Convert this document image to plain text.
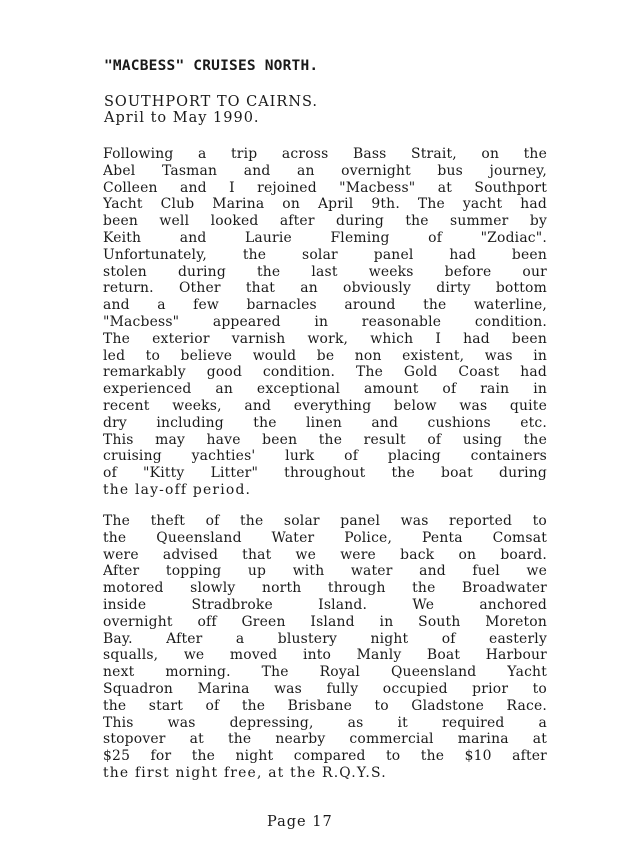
"MACBESS" CRUISES NORTH.
SOUTHPORT TO CAIRNS.
April to May 1990.
Following a trip across Bass Strait, on the
Abel Tasman and an overnight bus journey,
Colleen and I rejoined "Macbess" at Southport
Yacht Club Marina on April 9th. The yacht had
been well looked after during the summer by
Keith and Laurie Fleming of "Zodiac".
Unfortunately, the solar panel had been
stolen during the last weeks before our
return. Other that an obviously dirty bottom
and a few barnacles around the waterline,
"Macbess" appeared in reasonable condition.
The exterior varnish work, which I had been
led to believe would be non existent, was in
remarkably good condition. The Gold Coast had
experienced an exceptional amount of rain in
recent weeks, and everything below was quite
dry including the linen and cushions etc.
This may have been the result of using the
cruising yachties' lurk of placing containers
of "Kitty Litter" throughout the boat during
the lay-off period.
The theft of the solar panel was reported to
the Queensland Water Police, Penta Comsat
were advised that we were back on board.
After topping up with water and fuel we
motored slowly north through the Broadwater
inside Stradbroke Island. We anchored
overnight off Green Island in South Moreton
Bay. After a blustery night of easterly
squalls, we moved into Manly Boat Harbour
next morning. The Royal Queensland Yacht
Squadron Marina was fully occupied prior to
the start of the Brisbane to Gladstone Race.
This was depressing, as it required a
stopover at the nearby commercial marina at
$25 for the night compared to the $10 after
the first night free, at the R.Q.Y.S.
Page 17
